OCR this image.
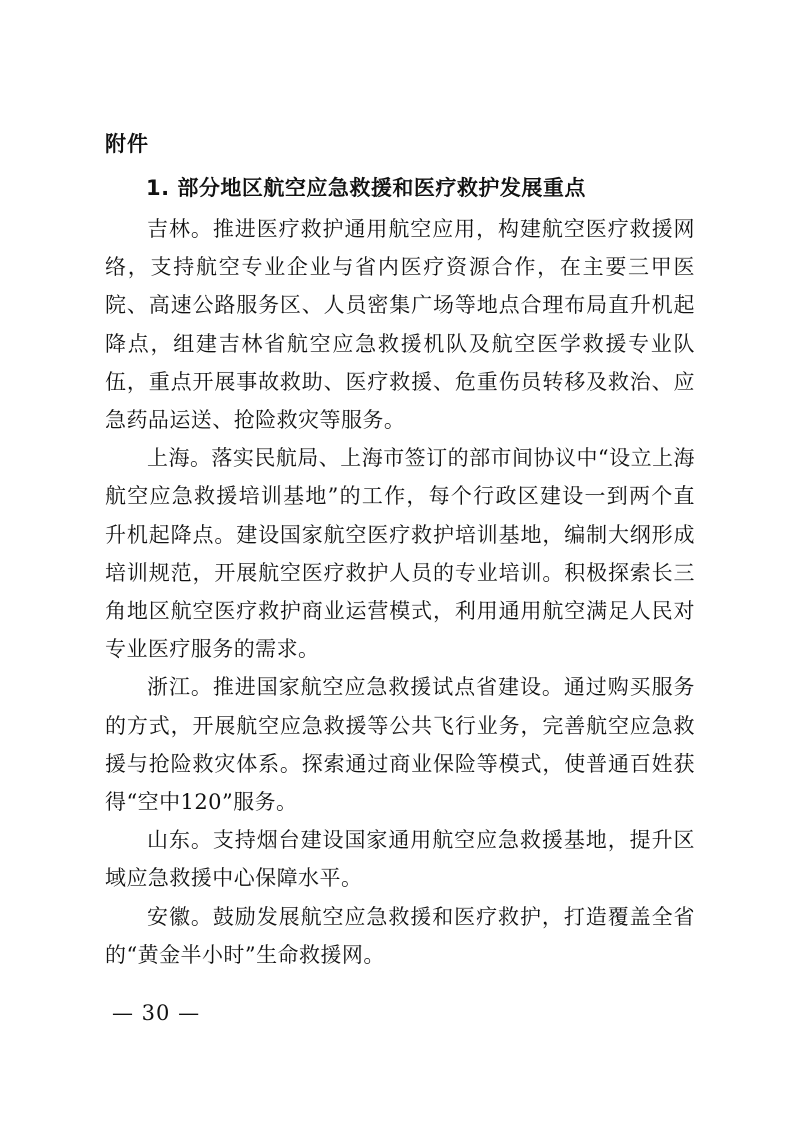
附件
1. 部分地区航空应急救援和医疗救护发展重点

吉林。推进医疗救护通用航空应用，构建航空医疗救援网络，支持航空专业企业与省内医疗资源合作，在主要三甲医院、高速公路服务区、人员密集广场等地点合理布局直升机起降点，组建吉林省航空应急救援机队及航空医学救援专业队伍，重点开展事故救助、医疗救援、危重伤员转移及救治、应急药品运送、抢险救灾等服务。

上海。落实民航局、上海市签订的部市间协议中“设立上海航空应急救援培训基地”的工作，每个行政区建设一到两个直升机起降点。建设国家航空医疗救护培训基地，编制大纲形成培训规范，开展航空医疗救护人员的专业培训。积极探索长三角地区航空医疗救护商业运营模式，利用通用航空满足人民对专业医疗服务的需求。

浙江。推进国家航空应急救援试点省建设。通过购买服务的方式，开展航空应急救援等公共飞行业务，完善航空应急救援与抢险救灾体系。探索通过商业保险等模式，使普通百姓获得“空中120”服务。

山东。支持烟台建设国家通用航空应急救援基地，提升区域应急救援中心保障水平。

安徽。鼓励发展航空应急救援和医疗救护，打造覆盖全省的“黄金半小时”生命救援网。

— 30 —
